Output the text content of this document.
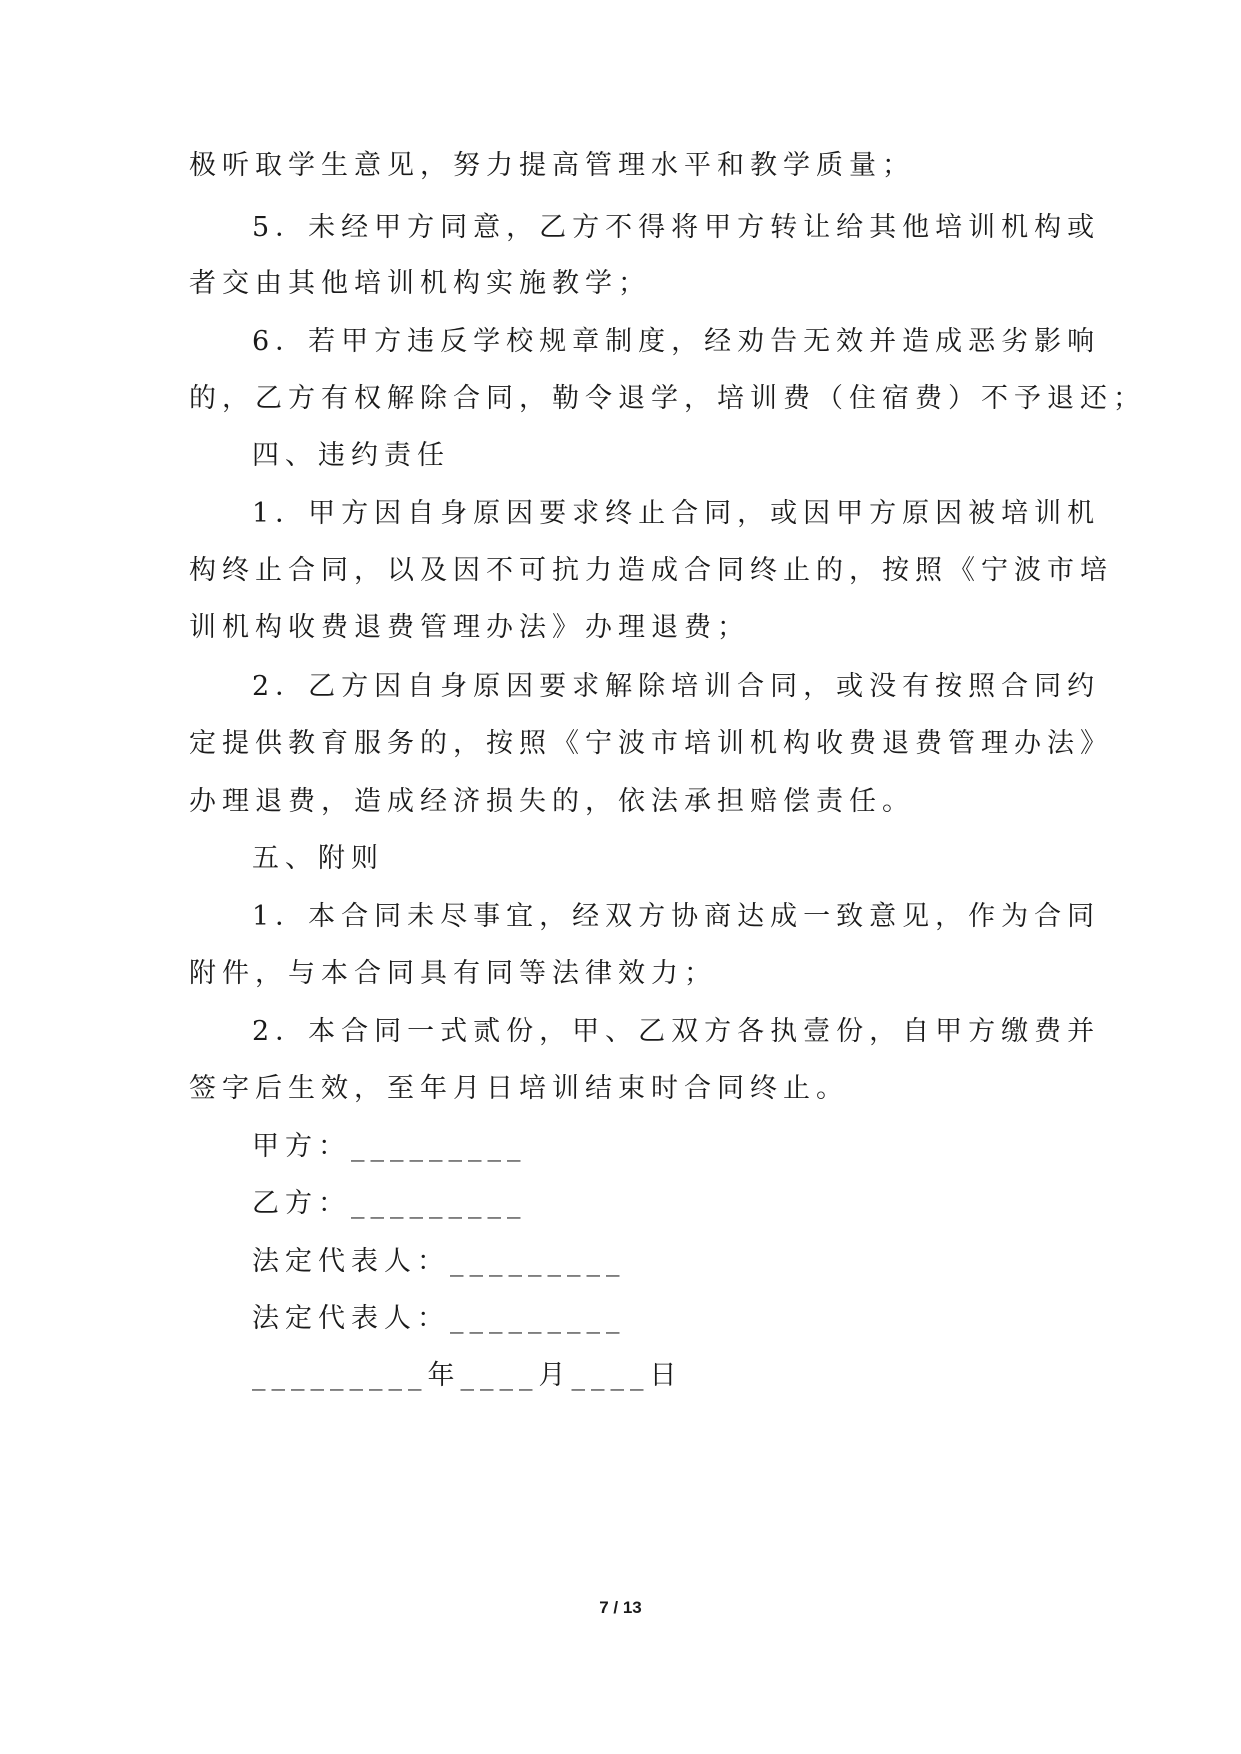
极听取学生意见，努力提高管理水平和教学质量；
5．未经甲方同意，乙方不得将甲方转让给其他培训机构或
者交由其他培训机构实施教学；
6．若甲方违反学校规章制度，经劝告无效并造成恶劣影响
的，乙方有权解除合同，勒令退学，培训费（住宿费）不予退还；
四、违约责任
1．甲方因自身原因要求终止合同，或因甲方原因被培训机
构终止合同，以及因不可抗力造成合同终止的，按照《宁波市培
训机构收费退费管理办法》办理退费；
2．乙方因自身原因要求解除培训合同，或没有按照合同约
定提供教育服务的，按照《宁波市培训机构收费退费管理办法》
办理退费，造成经济损失的，依法承担赔偿责任。
五、附则
1．本合同未尽事宜，经双方协商达成一致意见，作为合同
附件，与本合同具有同等法律效力；
2．本合同一式贰份，甲、乙双方各执壹份，自甲方缴费并
签字后生效，至年月日培训结束时合同终止。
甲方：_________
乙方：_________
法定代表人：_________
法定代表人：_________
_________年____月____日
7 / 13
